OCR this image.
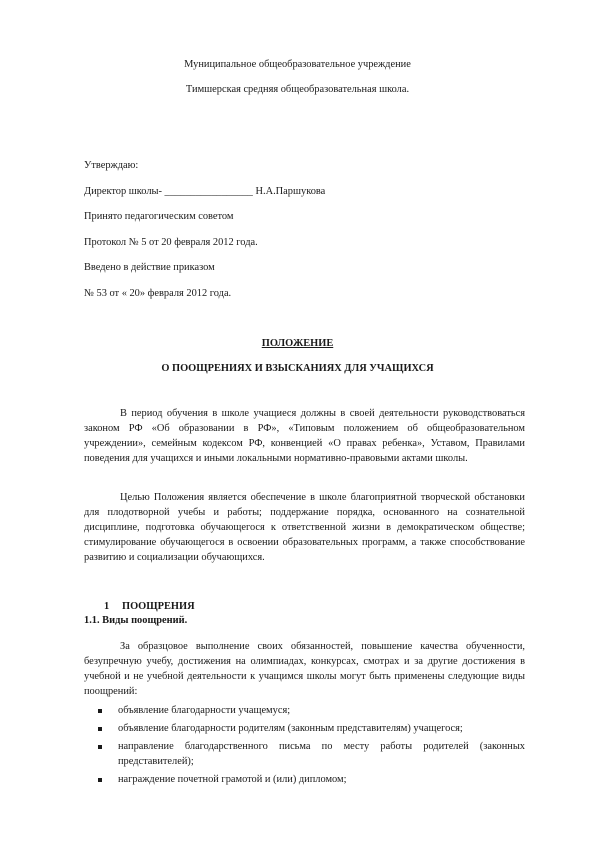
Муниципальное общеобразовательное учреждение
Тимшерская средняя общеобразовательная школа.
Утверждаю:
Директор школы- _________________ Н.А.Паршукова
Принято педагогическим советом
Протокол № 5 от 20 февраля 2012 года.
Введено в действие приказом
№ 53 от « 20» февраля 2012 года.
ПОЛОЖЕНИЕ
О ПООЩРЕНИЯХ И ВЗЫСКАНИЯХ ДЛЯ УЧАЩИХСЯ
В период обучения в школе учащиеся должны в своей деятельности руководствоваться законом РФ «Об образовании в РФ», «Типовым положением об общеобразовательном учреждении», семейным кодексом РФ, конвенцией «О правах ребенка», Уставом, Правилами поведения для учащихся и иными локальными нормативно-правовыми актами школы.
Целью Положения является обеспечение в школе благоприятной творческой обстановки для плодотворной учебы и работы; поддержание порядка, основанного на сознательной дисциплине, подготовка обучающегося к ответственной жизни в демократическом обществе; стимулирование обучающегося в освоении образовательных программ, а также способствование развитию и социализации обучающихся.
1 ПООЩРЕНИЯ
1.1. Виды поощрений.
За образцовое выполнение своих обязанностей, повышение качества обученности, безупречную учебу, достижения на олимпиадах, конкурсах, смотрах и за другие достижения в учебной и не учебной деятельности к учащимся школы могут быть применены следующие виды поощрений:
объявление благодарности учащемуся;
объявление благодарности родителям (законным представителям) учащегося;
направление благодарственного письма по месту работы родителей (законных представителей);
награждение почетной грамотой и (или) дипломом;
